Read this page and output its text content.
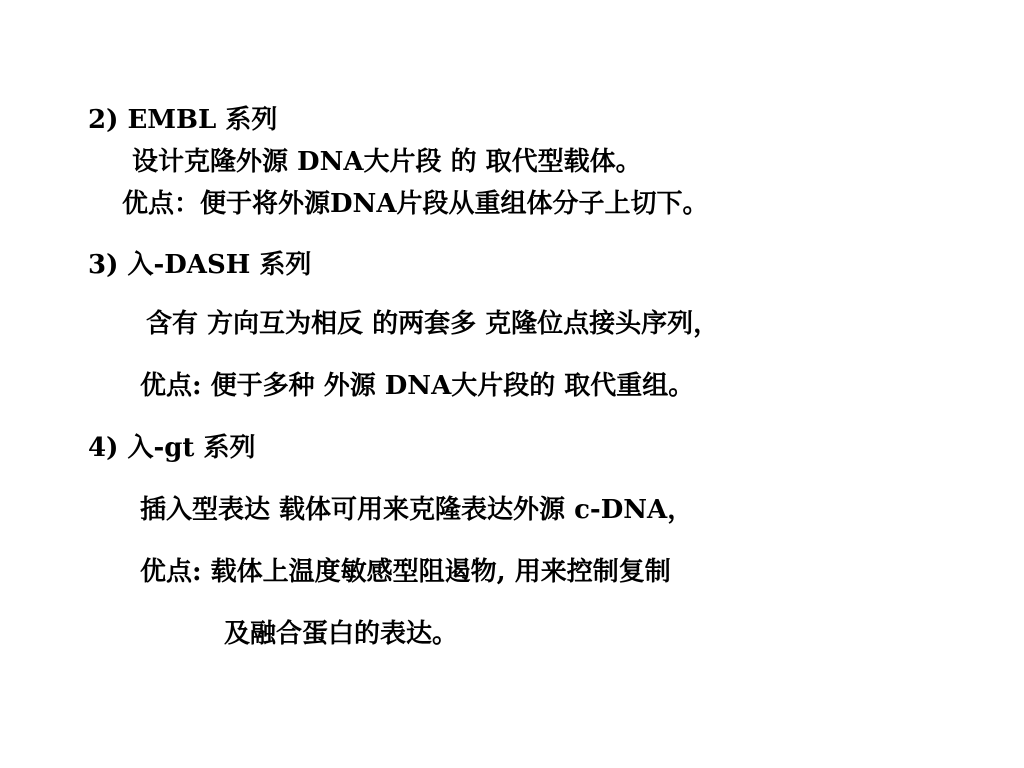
2) EMBL 系列
设计克隆外源 DNA大片段 的 取代型载体。
优点：便于将外源DNA片段从重组体分子上切下。
3) 入-DASH 系列
含有 方向互为相反 的两套多 克隆位点接头序列，
优点: 便于多种 外源 DNA大片段的 取代重组。
4) 入-gt 系列
插入型表达 载体可用来克隆表达外源 c-DNA，
优点: 载体上温度敏感型阻遏物, 用来控制复制
及融合蛋白的表达。
